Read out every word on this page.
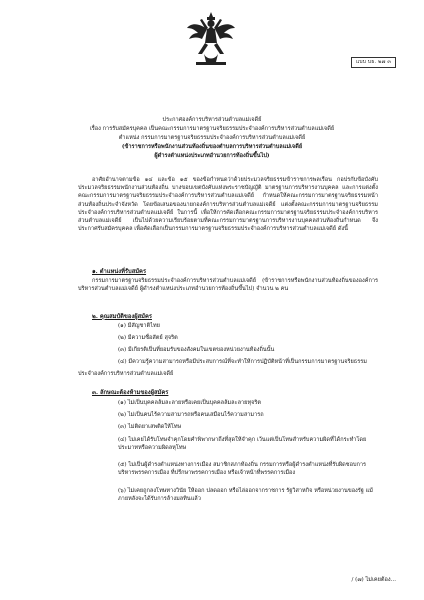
แบบ บธ. ๒๗ ๓
ประกาศองค์การบริหารส่วนตำบลแม่เจดีย์
เรื่อง การรับสมัครบุคคล เป็นคณะกรรมการมาตรฐานจริยธรรมประจำองค์การบริหารส่วนตำบลแม่เจดีย์
ตำแหน่ง กรรมการมาตรฐานจริยธรรมประจำองค์การบริหารส่วนตำบลแม่เจดีย์
(ข้าราชการหรือพนักงานส่วนท้องถิ่นของตำบลการบริหารส่วนตำบลแม่เจดีย์
ผู้ดำรงตำแหน่งประเภทอำนวยการท้องถิ่นขึ้นไป)
อาศัยอำนาจตามข้อ ๑๔ และข้อ ๑๕ ของข้อกำหนดว่าด้วยประมวลจริยธรรมข้าราชการพลเรือน กอปรกับข้อบังคับประมวลจริยธรรมพนักงานส่วนท้องถิ่น บางขอบเขตบังคับแห่งพระราชบัญญัติ มาตรฐานการบริหารงานบุคคล และการแต่งตั้งคณะกรรมการมาตรฐานจริยธรรมประจำองค์การบริหารส่วนตำบลแม่เจดีย์ กำหนดให้คณะกรรมการมาตรฐานจริยธรรมหน้าส่วนท้องถิ่นประจำจังหวัด โดยข้อเสนอของนายกองค์การบริหารส่วนตำบลแม่เจดีย์ แต่งตั้งคณะกรรมการมาตรฐานจริยธรรมประจำองค์การบริหารส่วนตำบลแม่เจดีย์ ในการนี้ เพื่อให้การคัดเลือกคณะกรรมการมาตรฐานจริยธรรมประจำองค์การบริหารส่วนตำบลแม่เจดีย์ เป็นไปด้วยความเรียบร้อยตามที่คณะกรรมการมาตรฐานการบริหารงานบุคคลส่วนท้องถิ่นกำหนด จึงประกาศรับสมัครบุคคล เพื่อคัดเลือกเป็นกรรมการมาตรฐานจริยธรรมประจำองค์การบริหารส่วนตำบลแม่เจดีย์ ดังนี้
๑. ตำแหน่งที่รับสมัคร
กรรมการมาตรฐานจริยธรรมประจำองค์การบริหารส่วนตำบลแม่เจดีย์ (ข้าราชการหรือพนักงานส่วนท้องถิ่นขององค์การบริหารส่วนตำบลแม่เจดีย์ ผู้ดำรงตำแหน่งประเภทอำนวยการท้องถิ่นขึ้นไป) จำนวน ๒ คน
๒. คุณสมบัติของผู้สมัคร
(๑) มีสัญชาติไทย
(๒) มีความซื่อสัตย์ สุจริต
(๓) มีเกียรติเป็นที่ยอมรับของสังคมในเขตของหน่วยงานท้องถิ่นนั้น
(๔) มีความรู้ความสามารถหรือมีประสบการณ์ที่จะทำให้การปฏิบัติหน้าที่เป็นกรรมการมาตรฐานจริยธรรม
ประจำองค์การบริหารส่วนตำบลแม่เจดีย์
๓. ลักษณะต้องห้ามของผู้สมัคร
(๑) ไม่เป็นบุคคลล้มละลายหรือเคยเป็นบุคคลล้มละลายทุจริต
(๒) ไม่เป็นคนไร้ความสามารถหรือคนเสมือนไร้ความสามารถ
(๓) ไม่ติดยาเสพติดให้โทษ
(๔) ไม่เคยได้รับโทษจำคุกโดยคำพิพากษาถึงที่สุดให้จำคุก เว้นแต่เป็นโทษสำหรับความผิดที่ได้กระทำโดยประมาทหรือความผิดลหุโทษ
(๕) ไม่เป็นผู้ดำรงตำแหน่งทางการเมือง สมาชิกสภาท้องถิ่น กรรมการหรือผู้ดำรงตำแหน่งที่รับผิดชอบการบริหารพรรคการเมือง ที่ปรึกษาพรรคการเมือง หรือเจ้าหน้าที่พรรคการเมือง
(๖) ไม่เคยถูกลงโทษทางวินัย ให้ออก ปลดออก หรือไล่ออกจากราชการ รัฐวิสาหกิจ หรือหน่วยงานของรัฐ แม้ภายหลังจะได้รับการล้างมลทินแล้ว
/ (๗) ไม่เคยต้อง...
